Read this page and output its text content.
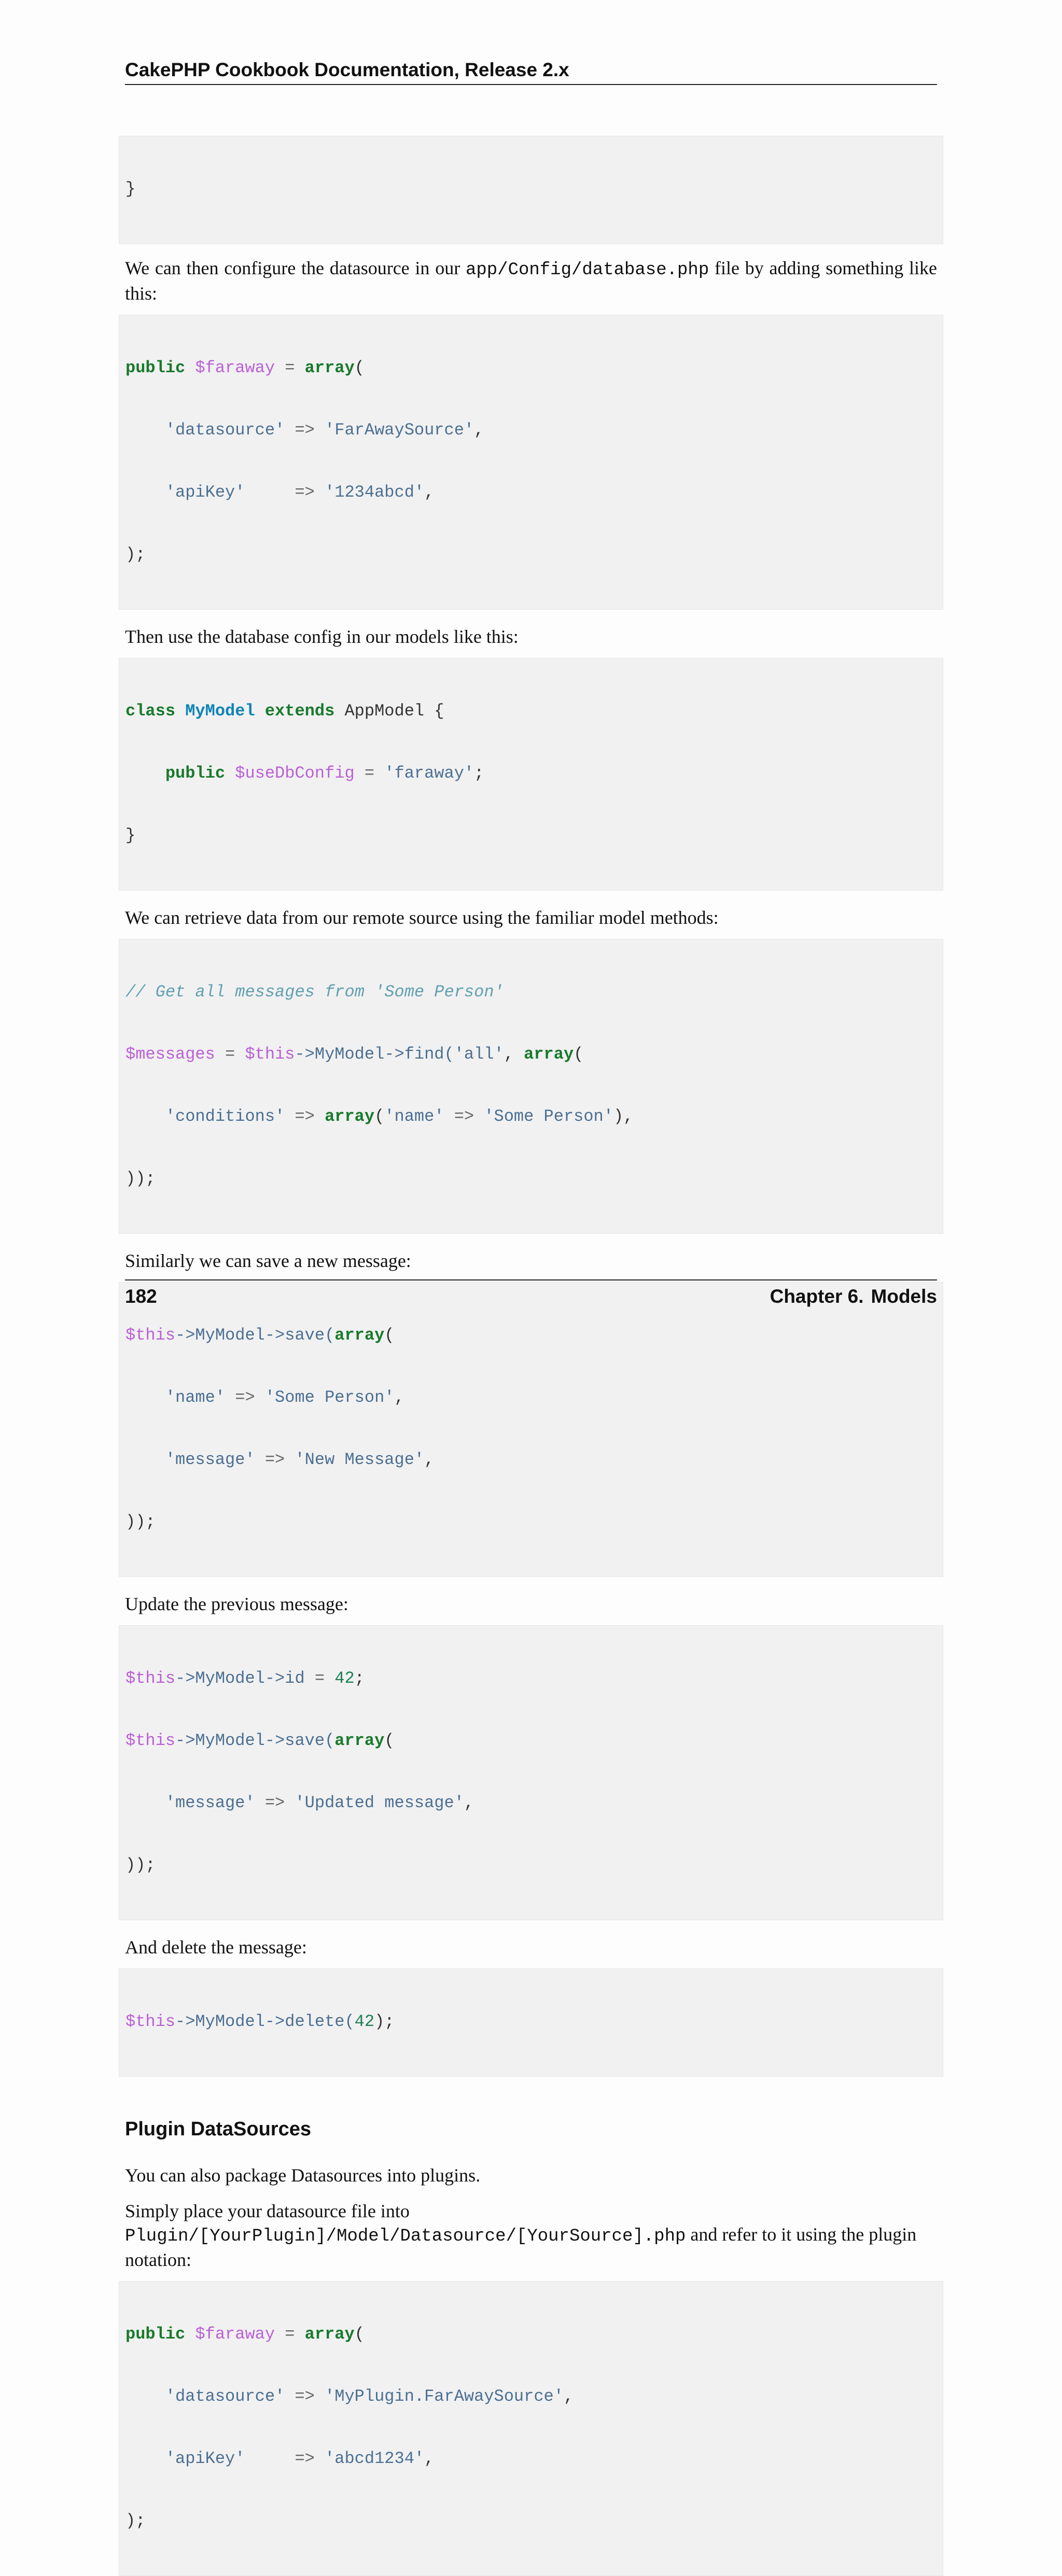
CakePHP Cookbook Documentation, Release 2.x

}

We can then configure the datasource in our app/Config/database.php file by adding something like this:

public $faraway = array(

'datasource' => 'FarAwaySource',

'apiKey'     => '1234abcd',

);

Then use the database config in our models like this:

class MyModel extends AppModel {

public $useDbConfig = 'faraway';

}

We can retrieve data from our remote source using the familiar model methods:

// Get all messages from 'Some Person'

$messages = $this->MyModel->find('all', array(

'conditions' => array('name' => 'Some Person'),

));

Similarly we can save a new message:

$this->MyModel->save(array(

'name' => 'Some Person',

'message' => 'New Message',

));

Update the previous message:

$this->MyModel->id = 42;

$this->MyModel->save(array(

'message' => 'Updated message',

));

And delete the message:

$this->MyModel->delete(42);

Plugin DataSources

You can also package Datasources into plugins.

Simply place your datasource file into Plugin/[YourPlugin]/Model/Datasource/[YourSource].php and refer to it using the plugin notation:

public $faraway = array(

'datasource' => 'MyPlugin.FarAwaySource',

'apiKey'     => 'abcd1234',

);

182	Chapter 6. Models
